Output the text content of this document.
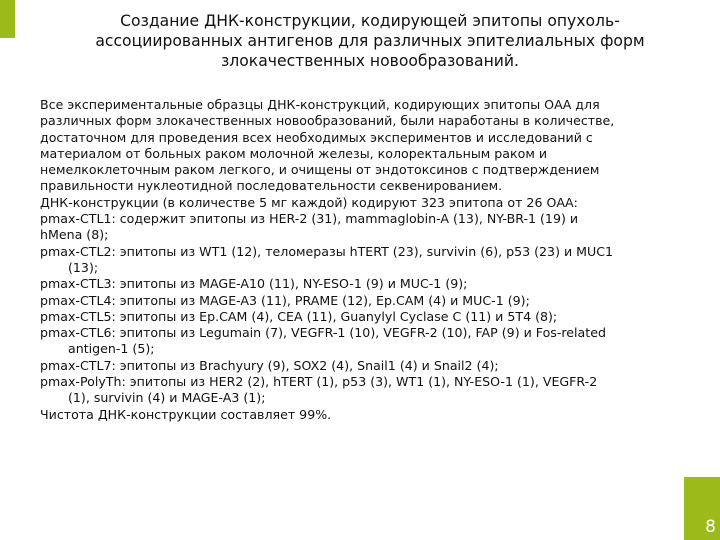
Создание ДНК-конструкции, кодирующей эпитопы опухоль-
ассоциированных антигенов для различных эпителиальных форм
злокачественных новообразований.
Все экспериментальные образцы ДНК-конструкций, кодирующих эпитопы ОАА для
различных форм злокачественных новообразований, были наработаны в количестве,
достаточном для проведения всех необходимых экспериментов и исследований с
материалом от больных раком молочной железы, колоректальным раком и
немелкоклеточным раком легкого, и очищены от эндотоксинов с подтверждением
правильности нуклеотидной последовательности секвенированием.
ДНК-конструкции (в количестве 5 мг каждой) кодируют 323 эпитопа от 26 ОАА:
pmax-CTL1: содержит эпитопы из HER-2 (31), mammaglobin-A (13), NY-BR-1 (19) и
hMena (8);
pmax-CTL2: эпитопы из WT1 (12), теломеразы hTERT (23), survivin (6), p53 (23) и MUC1
(13);
pmax-CTL3: эпитопы из MAGE-A10 (11), NY-ESO-1 (9) и MUC-1 (9);
pmax-CTL4: эпитопы из MAGE-A3 (11), PRAME (12), Ep.CAM (4) и MUC-1 (9);
pmax-CTL5: эпитопы из Ep.CAM (4), CEA (11), Guanylyl Cyclase C (11) и 5T4 (8);
pmax-CTL6: эпитопы из Legumain (7), VEGFR-1 (10), VEGFR-2 (10), FAP (9) и Fos-related
antigen-1 (5);
pmax-CTL7: эпитопы из Brachyury (9), SOX2 (4), Snail1 (4) и Snail2 (4);
pmax-PolyTh: эпитопы из HER2 (2), hTERT (1), p53 (3), WT1 (1), NY-ESO-1 (1), VEGFR-2
(1), survivin (4) и MAGE-A3 (1);
Чистота ДНК-конструкции составляет 99%.
8
